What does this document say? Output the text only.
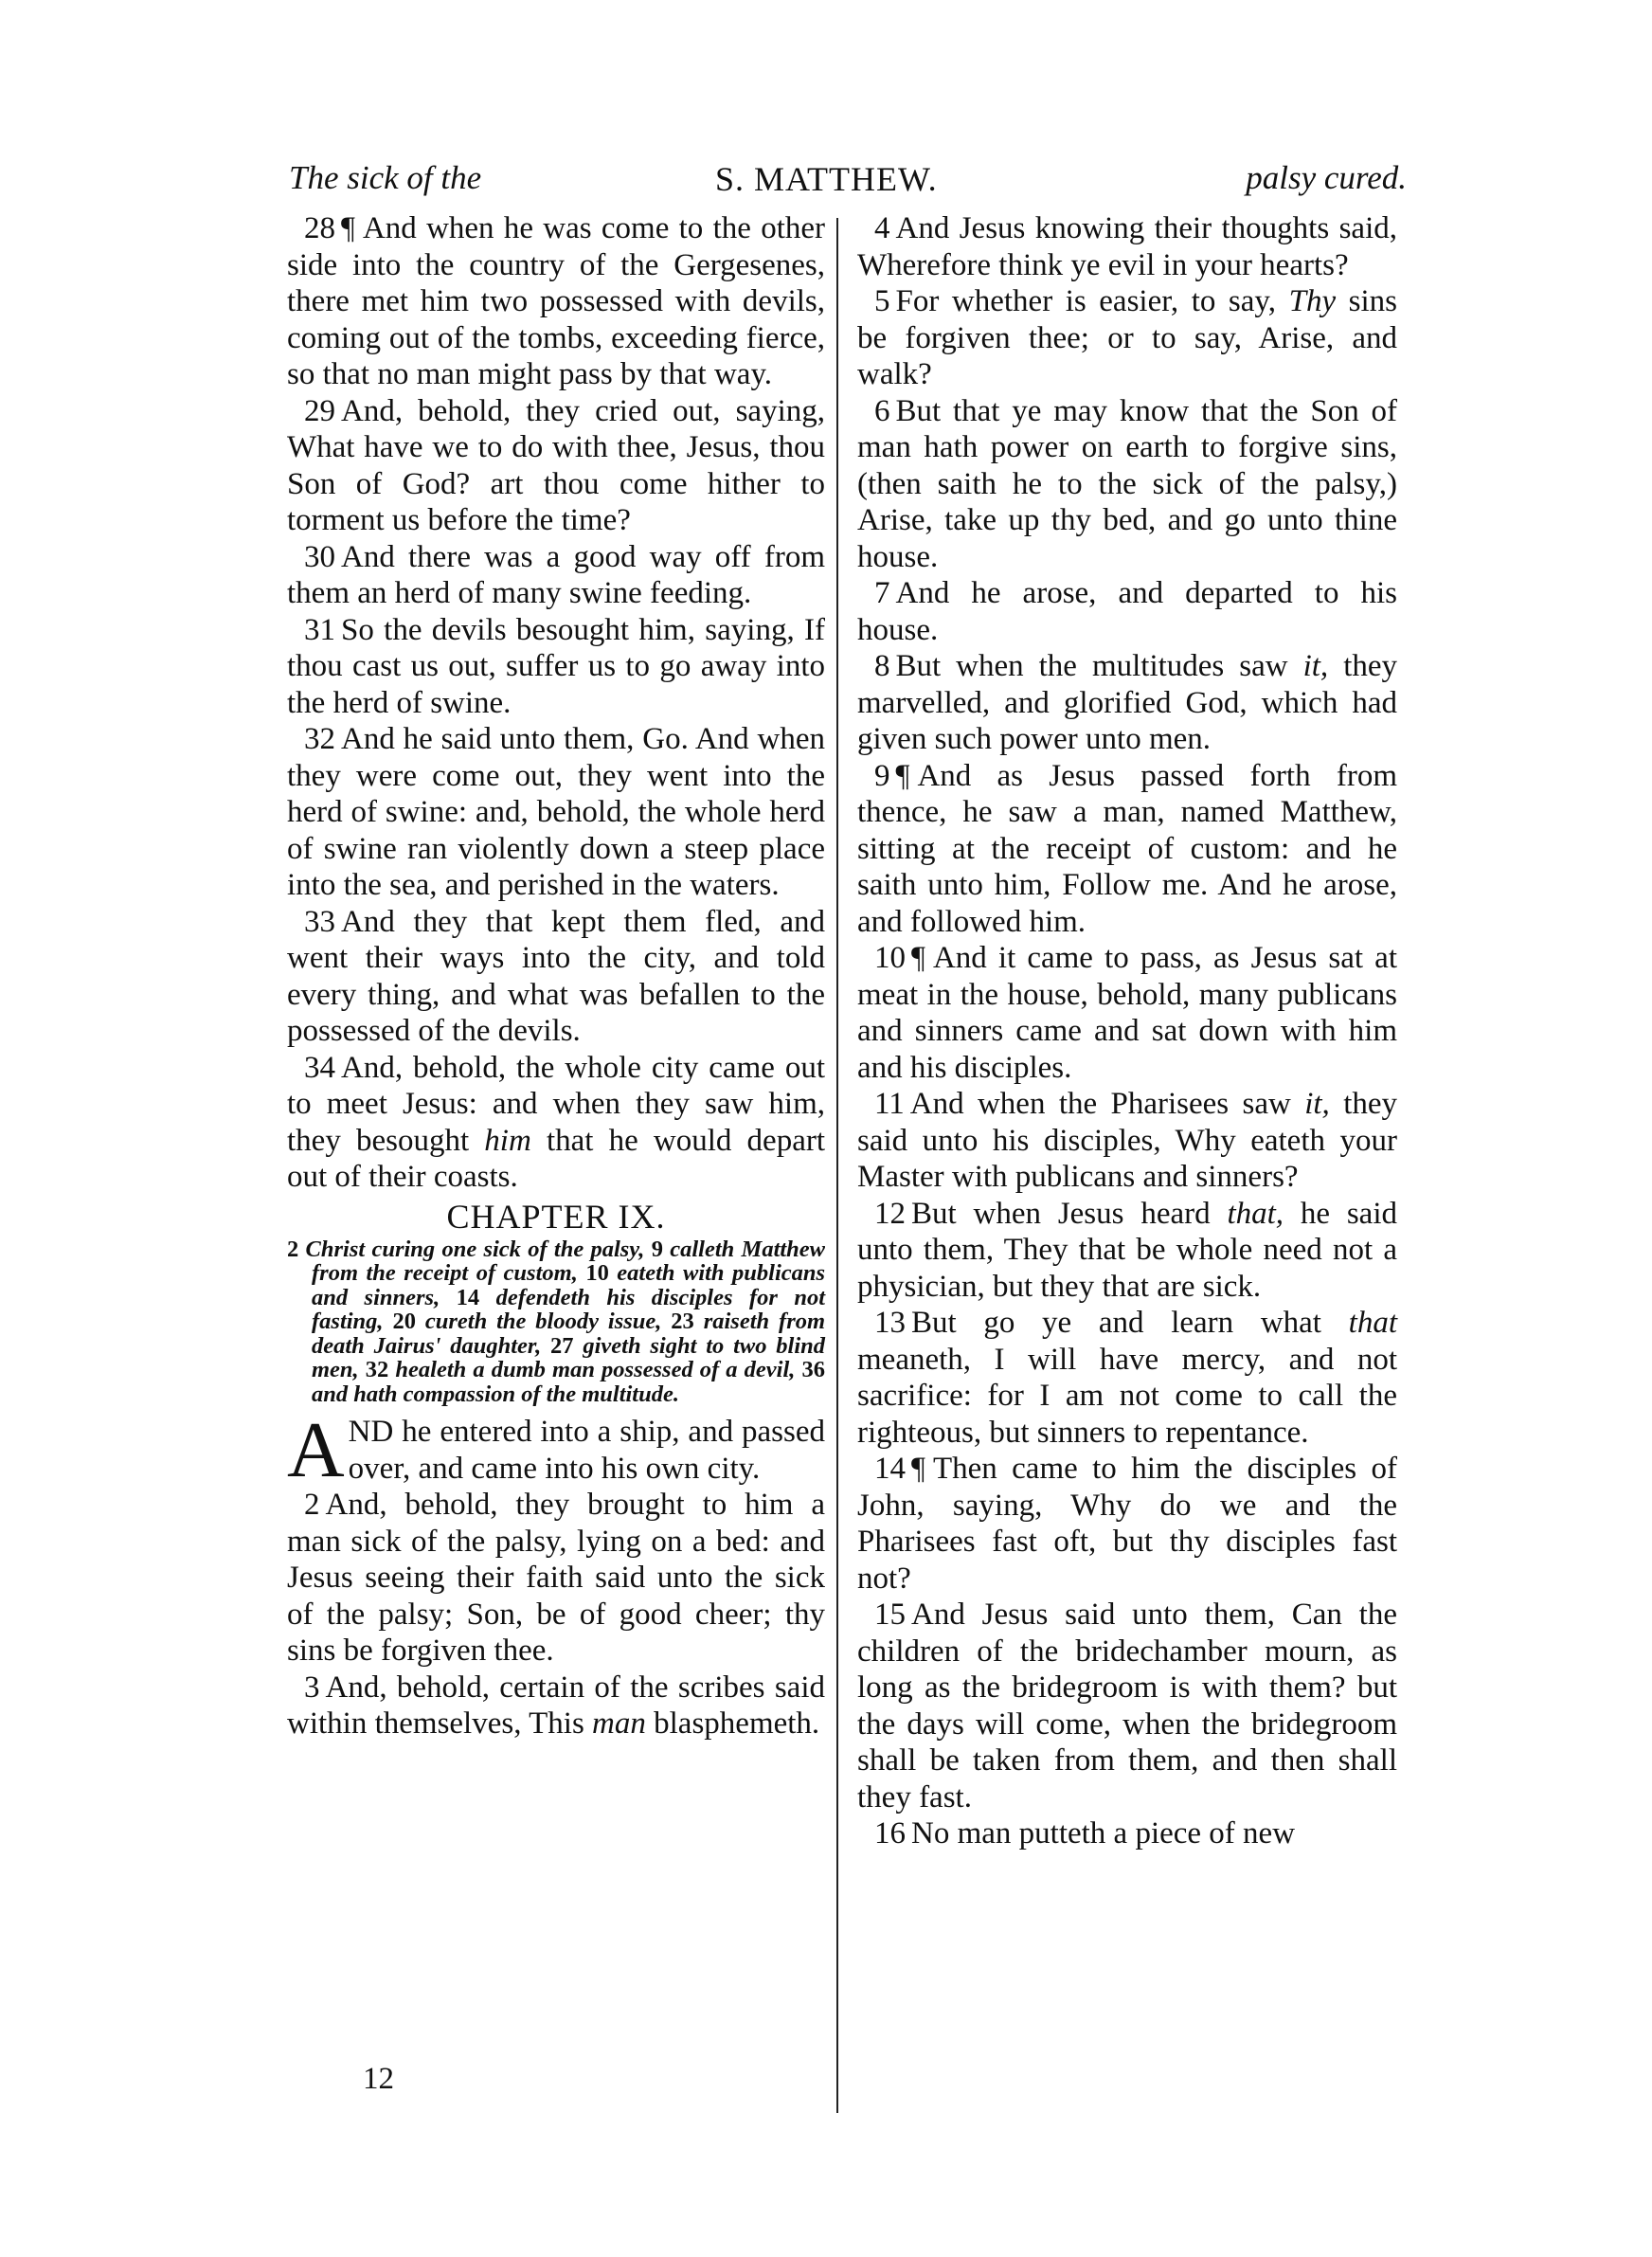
The sick of the	S. MATTHEW.	palsy cured.

28 ¶ And when he was come to the other side into the country of the Gergesenes, there met him two possessed with devils, coming out of the tombs, exceeding fierce, so that no man might pass by that way.

29 And, behold, they cried out, saying, What have we to do with thee, Jesus, thou Son of God? art thou come hither to torment us before the time?

30 And there was a good way off from them an herd of many swine feeding.

31 So the devils besought him, saying, If thou cast us out, suffer us to go away into the herd of swine.

32 And he said unto them, Go. And when they were come out, they went into the herd of swine: and, behold, the whole herd of swine ran violently down a steep place into the sea, and perished in the waters.

33 And they that kept them fled, and went their ways into the city, and told every thing, and what was befallen to the possessed of the devils.

34 And, behold, the whole city came out to meet Jesus: and when they saw him, they besought him that he would depart out of their coasts.

CHAPTER IX.
2 Christ curing one sick of the palsy, 9 calleth Matthew from the receipt of custom, 10 eateth with publicans and sinners, 14 defendeth his disciples for not fasting, 20 cureth the bloody issue, 23 raiseth from death Jairus' daughter, 27 giveth sight to two blind men, 32 healeth a dumb man possessed of a devil, 36 and hath compassion of the multitude.

AND he entered into a ship, and passed over, and came into his own city.

2 And, behold, they brought to him a man sick of the palsy, lying on a bed: and Jesus seeing their faith said unto the sick of the palsy; Son, be of good cheer; thy sins be forgiven thee.

3 And, behold, certain of the scribes said within themselves, This man blasphemeth.

4 And Jesus knowing their thoughts said, Wherefore think ye evil in your hearts?

5 For whether is easier, to say, Thy sins be forgiven thee; or to say, Arise, and walk?

6 But that ye may know that the Son of man hath power on earth to forgive sins, (then saith he to the sick of the palsy,) Arise, take up thy bed, and go unto thine house.

7 And he arose, and departed to his house.

8 But when the multitudes saw it, they marvelled, and glorified God, which had given such power unto men.

9 ¶ And as Jesus passed forth from thence, he saw a man, named Matthew, sitting at the receipt of custom: and he saith unto him, Follow me. And he arose, and followed him.

10 ¶ And it came to pass, as Jesus sat at meat in the house, behold, many publicans and sinners came and sat down with him and his disciples.

11 And when the Pharisees saw it, they said unto his disciples, Why eateth your Master with publicans and sinners?

12 But when Jesus heard that, he said unto them, They that be whole need not a physician, but they that are sick.

13 But go ye and learn what that meaneth, I will have mercy, and not sacrifice: for I am not come to call the righteous, but sinners to repentance.

14 ¶ Then came to him the disciples of John, saying, Why do we and the Pharisees fast oft, but thy disciples fast not?

15 And Jesus said unto them, Can the children of the bridechamber mourn, as long as the bridegroom is with them? but the days will come, when the bridegroom shall be taken from them, and then shall they fast.

16 No man putteth a piece of new

12
